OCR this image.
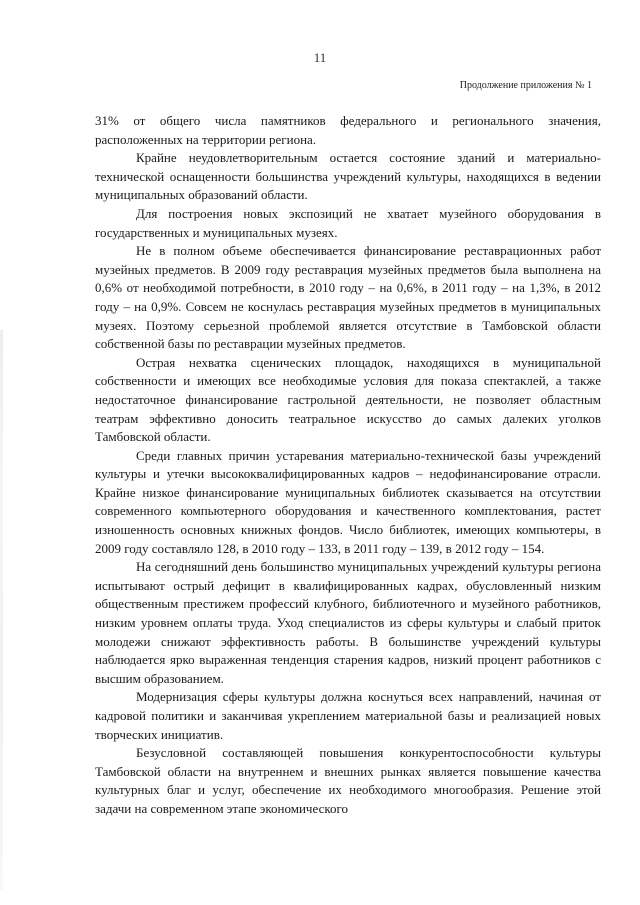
11
Продолжение приложения № 1

31% от общего числа памятников федерального и регионального значения, расположенных на территории региона.

Крайне неудовлетворительным остается состояние зданий и материально-технической оснащенности большинства учреждений культуры, находящихся в ведении муниципальных образований области.

Для построения новых экспозиций не хватает музейного оборудования в государственных и муниципальных музеях.

Не в полном объеме обеспечивается финансирование реставрационных работ музейных предметов. В 2009 году реставрация музейных предметов была выполнена на 0,6% от необходимой потребности, в 2010 году – на 0,6%, в 2011 году – на 1,3%, в 2012 году – на 0,9%. Совсем не коснулась реставрация музейных предметов в муниципальных музеях. Поэтому серьезной проблемой является отсутствие в Тамбовской области собственной базы по реставрации музейных предметов.

Острая нехватка сценических площадок, находящихся в муниципальной собственности и имеющих все необходимые условия для показа спектаклей, а также недостаточное финансирование гастрольной деятельности, не позволяет областным театрам эффективно доносить театральное искусство до самых далеких уголков Тамбовской области.

Среди главных причин устаревания материально-технической базы учреждений культуры и утечки высококвалифицированных кадров – недофинансирование отрасли. Крайне низкое финансирование муниципальных библиотек сказывается на отсутствии современного компьютерного оборудования и качественного комплектования, растет изношенность основных книжных фондов. Число библиотек, имеющих компьютеры, в 2009 году составляло 128, в 2010 году – 133, в 2011 году – 139, в 2012 году – 154.

На сегодняшний день большинство муниципальных учреждений культуры региона испытывают острый дефицит в квалифицированных кадрах, обусловленный низким общественным престижем профессий клубного, библиотечного и музейного работников, низким уровнем оплаты труда. Уход специалистов из сферы культуры и слабый приток молодежи снижают эффективность работы. В большинстве учреждений культуры наблюдается ярко выраженная тенденция старения кадров, низкий процент работников с высшим образованием.

Модернизация сферы культуры должна коснуться всех направлений, начиная от кадровой политики и заканчивая укреплением материальной базы и реализацией новых творческих инициатив.

Безусловной составляющей повышения конкурентоспособности культуры Тамбовской области на внутреннем и внешних рынках является повышение качества культурных благ и услуг, обеспечение их необходимого многообразия. Решение этой задачи на современном этапе экономического
